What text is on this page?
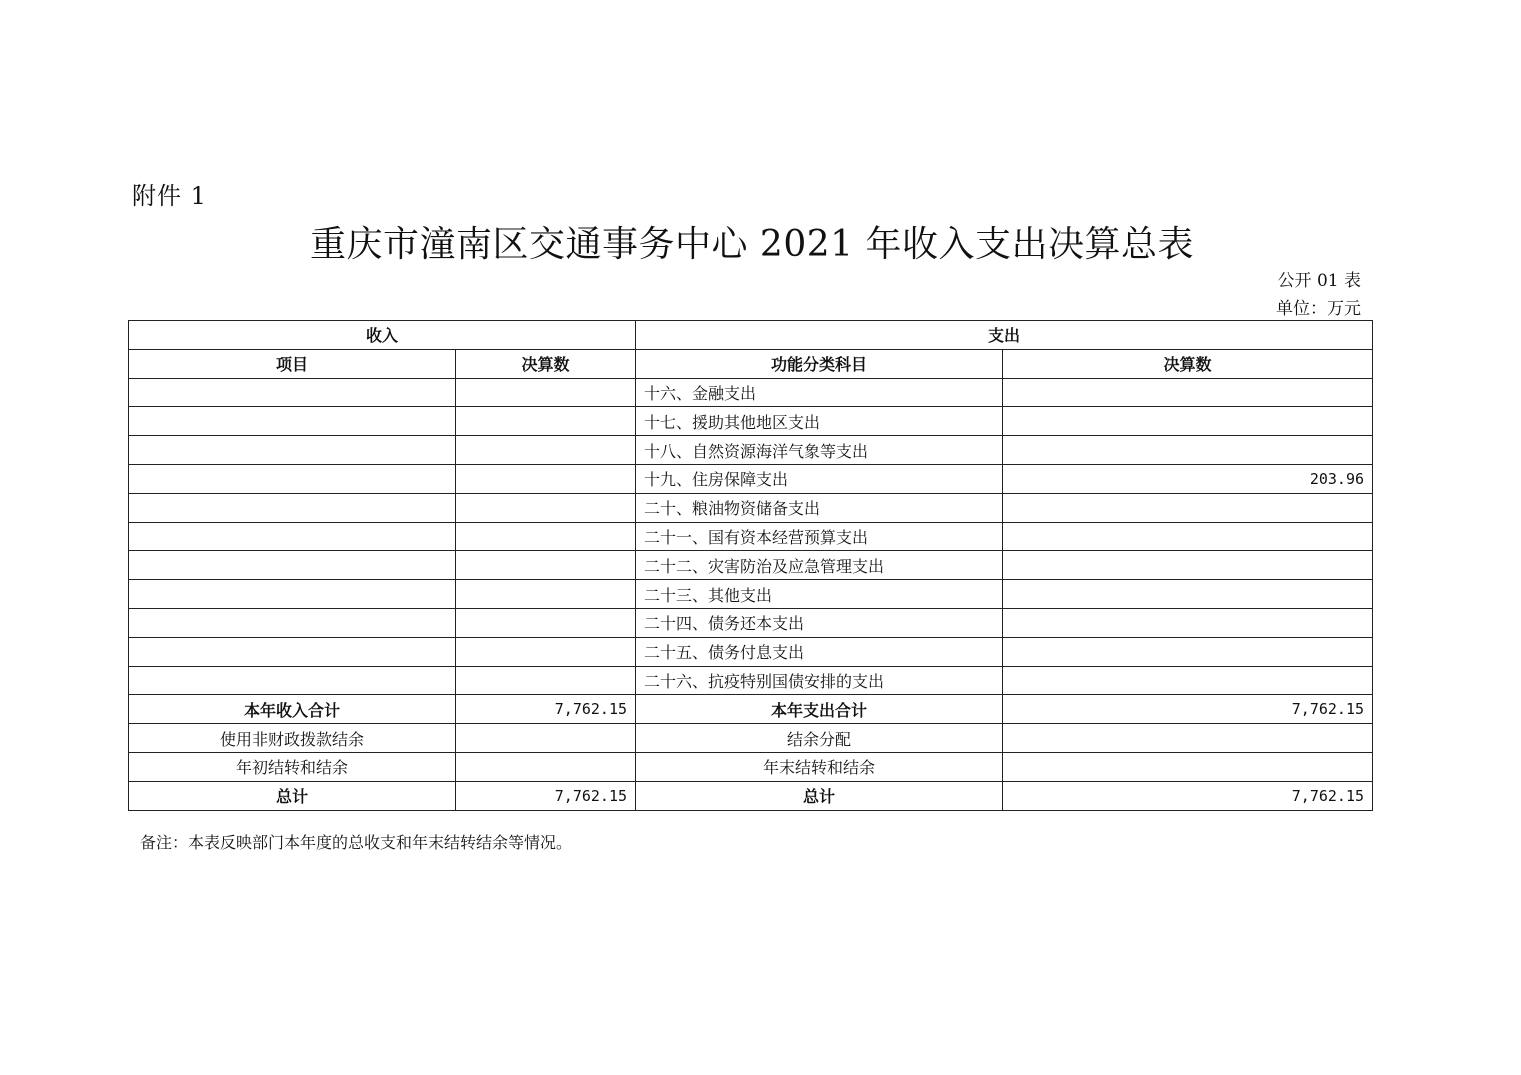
附件 1
重庆市潼南区交通事务中心 2021 年收入支出决算总表
公开 01 表
单位：万元
收入		支出	
项目	决算数	功能分类科目	决算数
		十六、金融支出	
		十七、援助其他地区支出	
		十八、自然资源海洋气象等支出	
		十九、住房保障支出	203.96
		二十、粮油物资储备支出	
		二十一、国有资本经营预算支出	
		二十二、灾害防治及应急管理支出	
		二十三、其他支出	
		二十四、债务还本支出	
		二十五、债务付息支出	
		二十六、抗疫特别国债安排的支出	
本年收入合计	7,762.15	本年支出合计	7,762.15
使用非财政拨款结余		结余分配	
年初结转和结余		年末结转和结余	
总计	7,762.15	总计	7,762.15
备注：本表反映部门本年度的总收支和年末结转结余等情况。
